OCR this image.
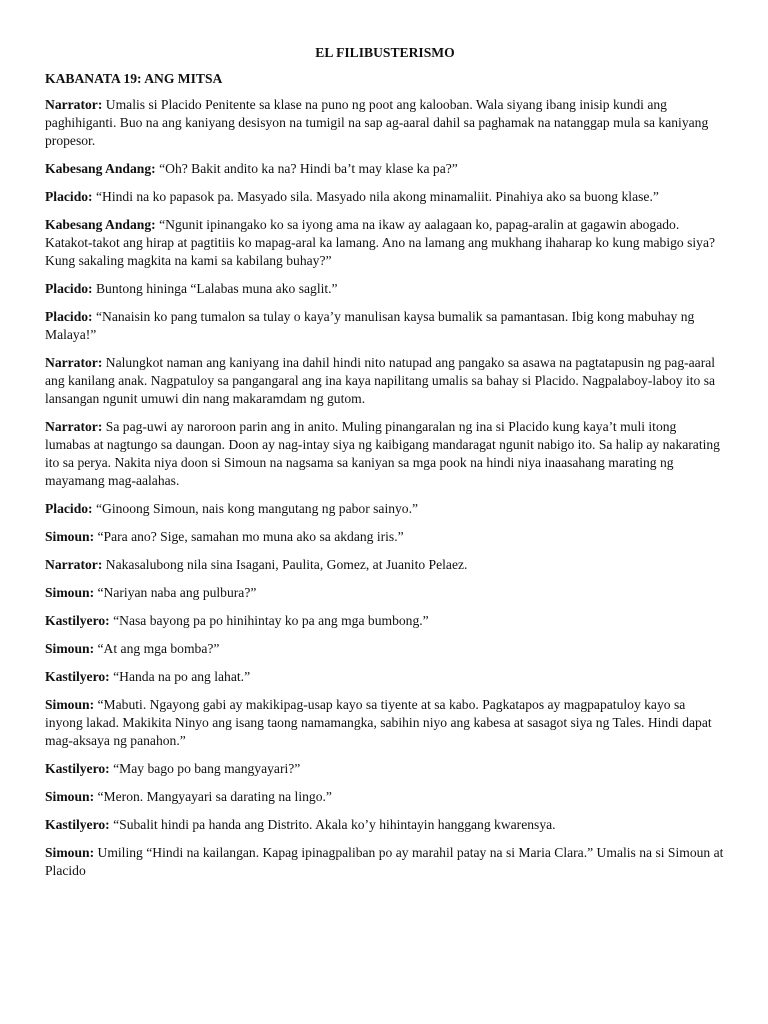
EL FILIBUSTERISMO
KABANATA 19: ANG MITSA

Narrator: Umalis si Placido Penitente sa klase na puno ng poot ang kalooban. Wala siyang ibang inisip kundi ang paghihiganti. Buo na ang kaniyang desisyon na tumigil na sap ag-aaral dahil sa paghamak na natanggap mula sa kaniyang propesor.

Kabesang Andang: “Oh? Bakit andito ka na? Hindi ba’t may klase ka pa?”

Placido: “Hindi na ko papasok pa. Masyado sila. Masyado nila akong minamaliit. Pinahiya ako sa buong klase.”

Kabesang Andang: “Ngunit ipinangako ko sa iyong ama na ikaw ay aalagaan ko, papag-aralin at gagawin abogado. Katakot-takot ang hirap at pagtitiis ko mapag-aral ka lamang. Ano na lamang ang mukhang ihaharap ko kung mabigo siya? Kung sakaling magkita na kami sa kabilang buhay?”

Placido: Buntong hininga “Lalabas muna ako saglit.”

Placido: “Nanaisin ko pang tumalon sa tulay o kaya’y manulisan kaysa bumalik sa pamantasan. Ibig kong mabuhay ng Malaya!”

Narrator: Nalungkot naman ang kaniyang ina dahil hindi nito natupad ang pangako sa asawa na pagtatapusin ng pag-aaral ang kanilang anak. Nagpatuloy sa pangangaral ang ina kaya napilitang umalis sa bahay si Placido. Nagpalaboy-laboy ito sa lansangan ngunit umuwi din nang makaramdam ng gutom.

Narrator: Sa pag-uwi ay naroroon parin ang in anito. Muling pinangaralan ng ina si Placido kung kaya’t muli itong lumabas at nagtungo sa daungan. Doon ay nag-intay siya ng kaibigang mandaragat ngunit nabigo ito. Sa halip ay nakarating ito sa perya. Nakita niya doon si Simoun na nagsama sa kaniyan sa mga pook na hindi niya inaasahang marating ng mayamang mag-aalahas.

Placido: “Ginoong Simoun, nais kong mangutang ng pabor sainyo.”

Simoun: “Para ano? Sige, samahan mo muna ako sa akdang iris.”

Narrator: Nakasalubong nila sina Isagani, Paulita, Gomez, at Juanito Pelaez.

Simoun: “Nariyan naba ang pulbura?”

Kastilyero: “Nasa bayong pa po hinihintay ko pa ang mga bumbong.”

Simoun: “At ang mga bomba?”

Kastilyero: “Handa na po ang lahat.”

Simoun: “Mabuti. Ngayong gabi ay makikipag-usap kayo sa tiyente at sa kabo. Pagkatapos ay magpapatuloy kayo sa inyong lakad. Makikita Ninyo ang isang taong namamangka, sabihin niyo ang kabesa at sasagot siya ng Tales. Hindi dapat mag-aksaya ng panahon.”

Kastilyero: “May bago po bang mangyayari?”

Simoun: “Meron. Mangyayari sa darating na lingo.”

Kastilyero: “Subalit hindi pa handa ang Distrito. Akala ko’y hihintayin hanggang kwarensya.

Simoun: Umiling “Hindi na kailangan. Kapag ipinagpaliban po ay marahil patay na si Maria Clara.” Umalis na si Simoun at Placido
